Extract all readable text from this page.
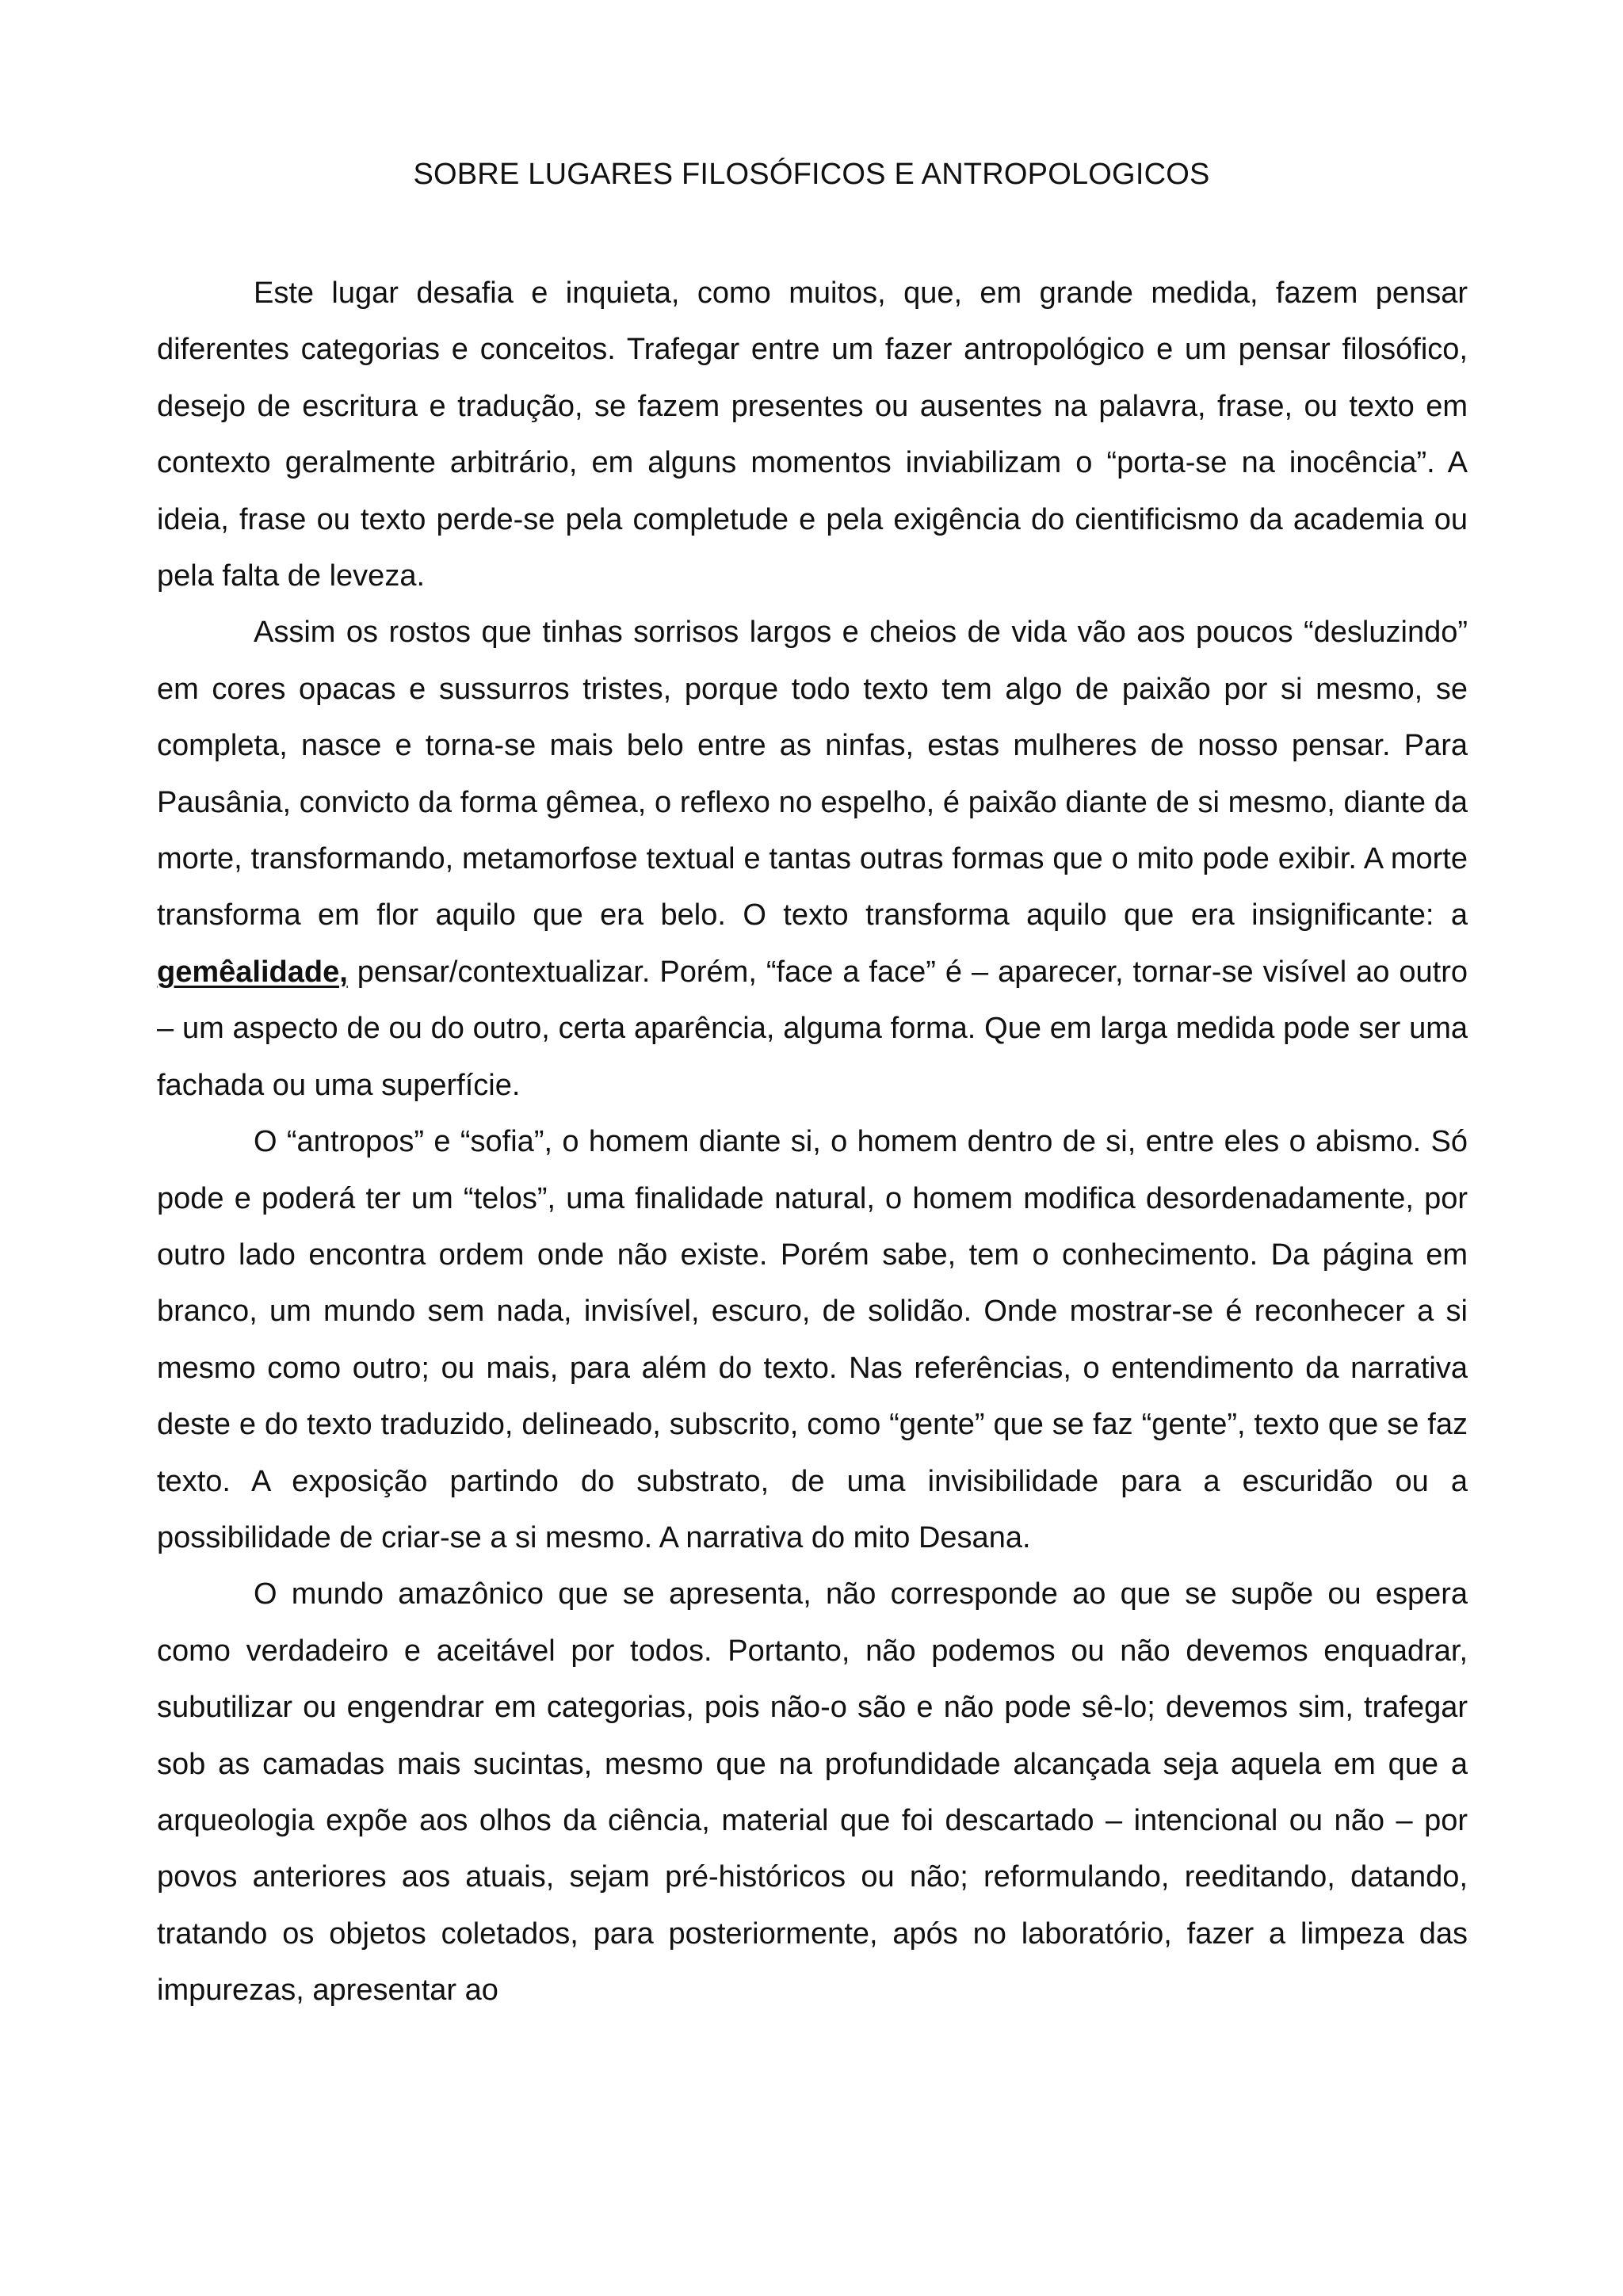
SOBRE LUGARES FILOSÓFICOS E ANTROPOLOGICOS

Este lugar desafia e inquieta, como muitos, que, em grande medida, fazem pensar diferentes categorias e conceitos. Trafegar entre um fazer antropológico e um pensar filosófico, desejo de escritura e tradução, se fazem presentes ou ausentes na palavra, frase, ou texto em contexto geralmente arbitrário, em alguns momentos inviabilizam o “porta-se na inocência”. A ideia, frase ou texto perde-se pela completude e pela exigência do cientificismo da academia ou pela falta de leveza.

Assim os rostos que tinhas sorrisos largos e cheios de vida vão aos poucos “desluzindo” em cores opacas e sussurros tristes, porque todo texto tem algo de paixão por si mesmo, se completa, nasce e torna-se mais belo entre as ninfas, estas mulheres de nosso pensar. Para Pausânia, convicto da forma gêmea, o reflexo no espelho, é paixão diante de si mesmo, diante da morte, transformando, metamorfose textual e tantas outras formas que o mito pode exibir. A morte transforma em flor aquilo que era belo. O texto transforma aquilo que era insignificante: a gemêalidade, pensar/contextualizar. Porém, “face a face” é – aparecer, tornar-se visível ao outro – um aspecto de ou do outro, certa aparência, alguma forma. Que em larga medida pode ser uma fachada ou uma superfície.

O “antropos” e “sofia”, o homem diante si, o homem dentro de si, entre eles o abismo. Só pode e poderá ter um “telos”, uma finalidade natural, o homem modifica desordenadamente, por outro lado encontra ordem onde não existe. Porém sabe, tem o conhecimento. Da página em branco, um mundo sem nada, invisível, escuro, de solidão. Onde mostrar-se é reconhecer a si mesmo como outro; ou mais, para além do texto. Nas referências, o entendimento da narrativa deste e do texto traduzido, delineado, subscrito, como “gente” que se faz “gente”, texto que se faz texto. A exposição partindo do substrato, de uma invisibilidade para a escuridão ou a possibilidade de criar-se a si mesmo. A narrativa do mito Desana.

O mundo amazônico que se apresenta, não corresponde ao que se supõe ou espera como verdadeiro e aceitável por todos. Portanto, não podemos ou não devemos enquadrar, subutilizar ou engendrar em categorias, pois não-o são e não pode sê-lo; devemos sim, trafegar sob as camadas mais sucintas, mesmo que na profundidade alcançada seja aquela em que a arqueologia expõe aos olhos da ciência, material que foi descartado – intencional ou não – por povos anteriores aos atuais, sejam pré-históricos ou não; reformulando, reeditando, datando, tratando os objetos coletados, para posteriormente, após no laboratório, fazer a limpeza das impurezas, apresentar ao
